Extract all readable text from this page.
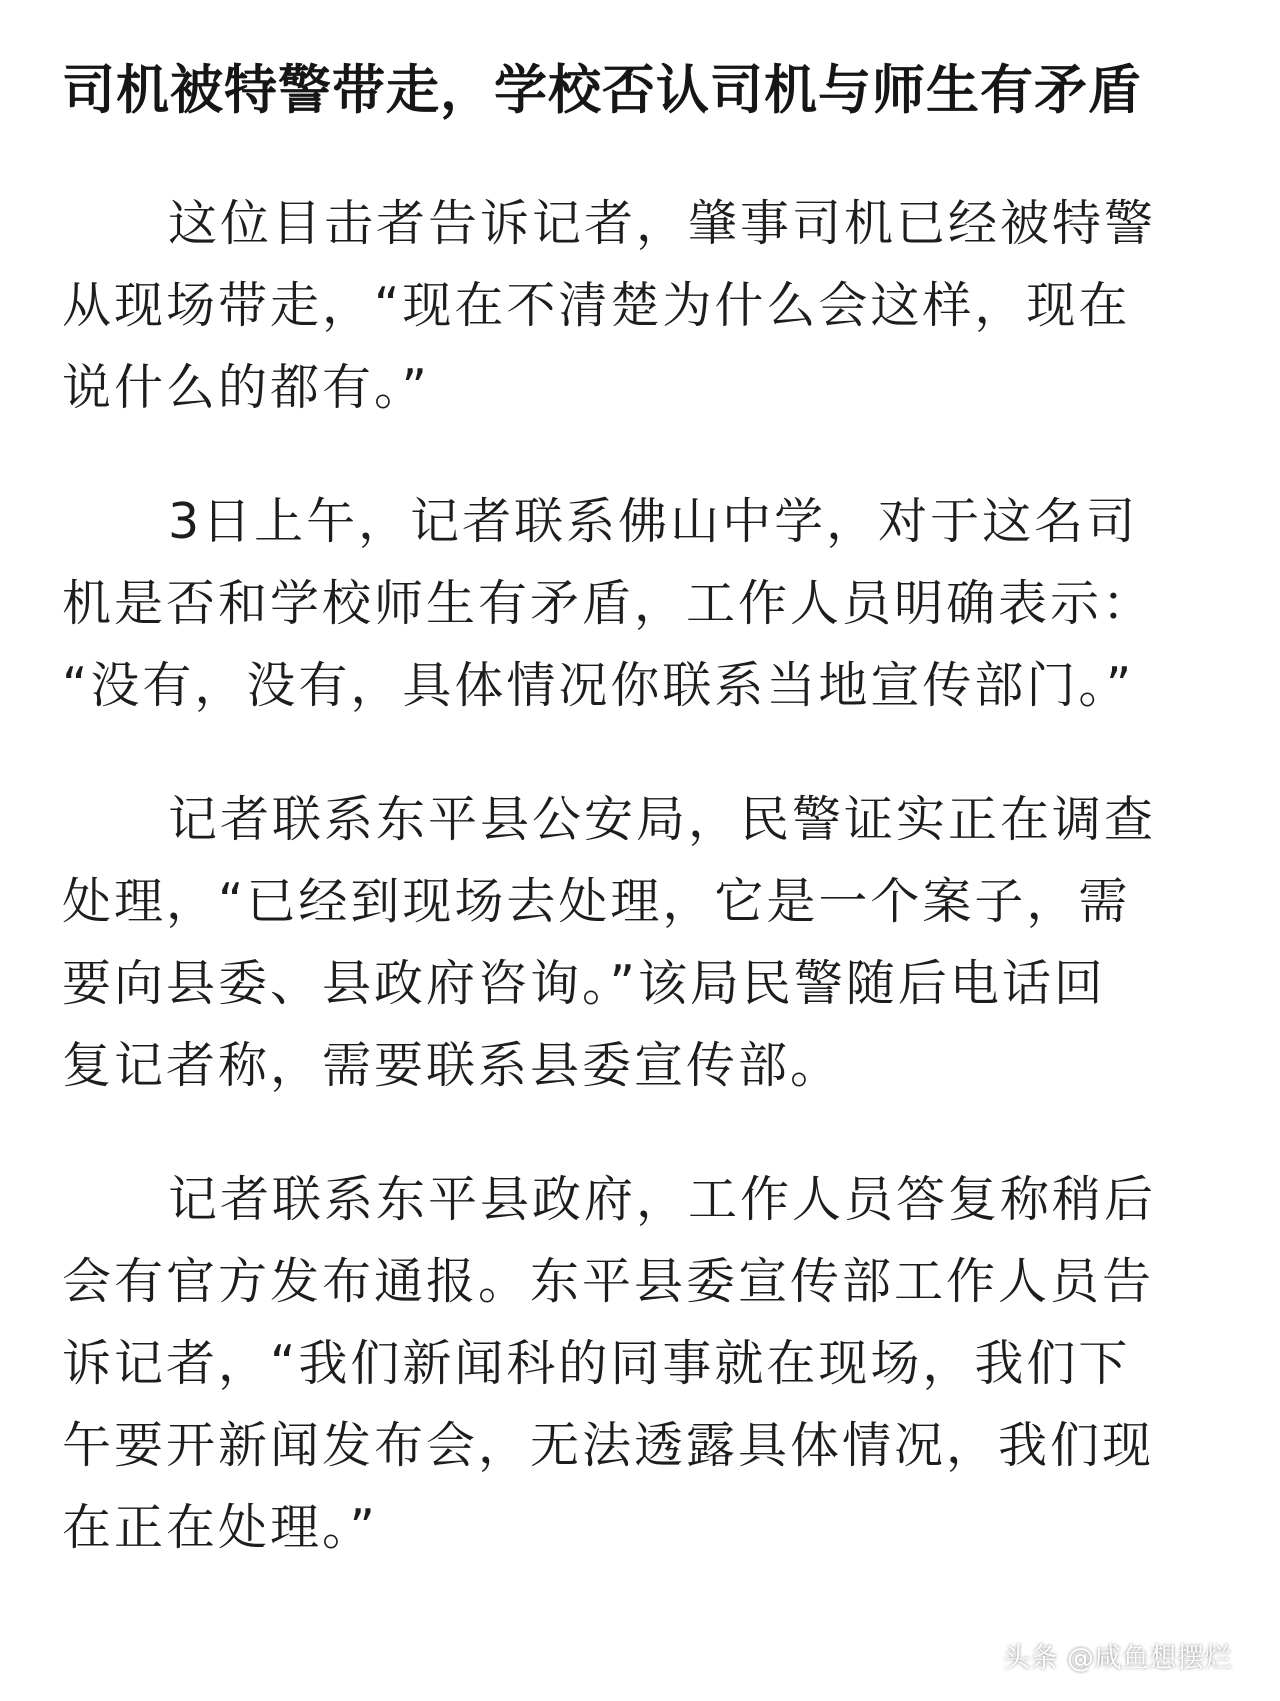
司机被特警带走，学校否认司机与师生有矛盾

这位目击者告诉记者，肇事司机已经被特警
从现场带走，“现在不清楚为什么会这样，现在
说什么的都有。”

3日上午，记者联系佛山中学，对于这名司
机是否和学校师生有矛盾，工作人员明确表示：
“没有，没有，具体情况你联系当地宣传部门。”

记者联系东平县公安局，民警证实正在调查
处理，“已经到现场去处理，它是一个案子，需
要向县委、县政府咨询。”该局民警随后电话回
复记者称，需要联系县委宣传部。

记者联系东平县政府，工作人员答复称稍后
会有官方发布通报。东平县委宣传部工作人员告
诉记者，“我们新闻科的同事就在现场，我们下
午要开新闻发布会，无法透露具体情况，我们现
在正在处理。”

头条 @咸鱼想摆烂
